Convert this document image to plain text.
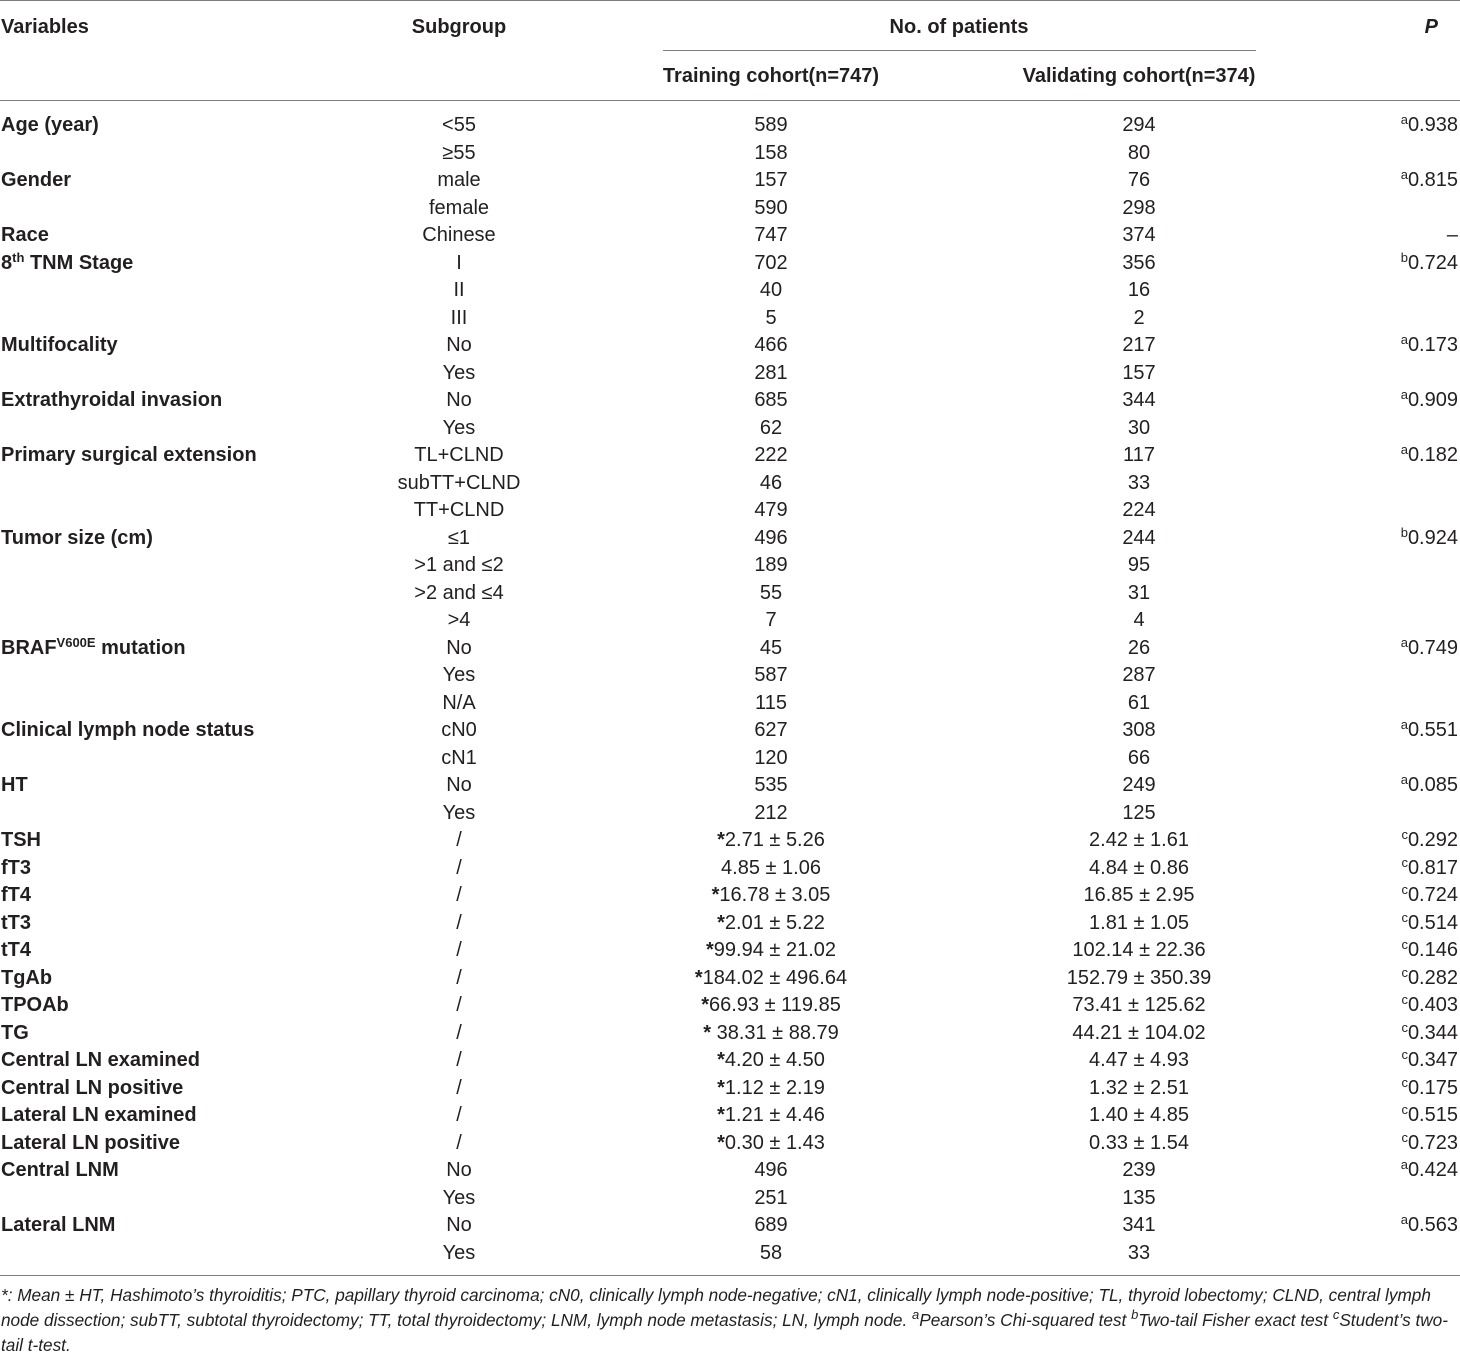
Variables	Subgroup	No. of patients
Training cohort(n=747)	Validating cohort(n=374)
P
Age (year)	<55	589	294	$^a$0.938
≥55	158	80
Gender	male	157	76	$^a$0.815
female	590	298
Race	Chinese	747	374	–
8th TNM Stage	I	702	356	$^b$0.724
II	40	16
III	5	2
Multifocality	No	466	217	$^a$0.173
Yes	281	157
Extrathyroidal invasion	No	685	344	$^a$0.909
Yes	62	30
Primary surgical extension	TL+CLND	222	117	$^a$0.182
subTT+CLND	46	33
TT+CLND	479	224
Tumor size (cm)	≤1	496	244	$^b$0.924
>1 and ≤2	189	95
>2 and ≤4	55	31
>4	7	4
$BRAF^{V600E}$ mutation	No	45	26	$^a$0.749
Yes	587	287
N/A	115	61
Clinical lymph node status	cN0	627	308	$^a$0.551
cN1	120	66
HT	No	535	249	$^a$0.085
Yes	212	125
TSH	/	*2.71 ± 5.26	2.42 ± 1.61	$^c$0.292
fT3	/	4.85 ± 1.06	4.84 ± 0.86	$^c$0.817
fT4	/	*16.78 ± 3.05	16.85 ± 2.95	$^c$0.724
tT3	/	*2.01 ± 5.22	1.81 ± 1.05	$^c$0.514
tT4	/	*99.94 ± 21.02	102.14 ± 22.36	$^c$0.146
TgAb	/	*184.02 ± 496.64	152.79 ± 350.39	$^c$0.282
TPOAb	/	*66.93 ± 119.85	73.41 ± 125.62	$^c$0.403
TG	/	* 38.31 ± 88.79	44.21 ± 104.02	$^c$0.344
Central LN examined	/	*4.20 ± 4.50	4.47 ± 4.93	$^c$0.347
Central LN positive	/	*1.12 ± 2.19	1.32 ± 2.51	$^c$0.175
Lateral LN examined	/	*1.21 ± 4.46	1.40 ± 4.85	$^c$0.515
Lateral LN positive	/	*0.30 ± 1.43	0.33 ± 1.54	$^c$0.723
Central LNM	No	496	239	$^a$0.424
Yes	251	135
Lateral LNM	No	689	341	$^a$0.563
Yes	58	33
*: Mean ± HT, Hashimoto’s thyroiditis; PTC, papillary thyroid carcinoma; cN0, clinically lymph node-negative; cN1, clinically lymph node-positive; TL, thyroid lobectomy; CLND, central lymph node dissection; subTT, subtotal thyroidectomy; TT, total thyroidectomy; LNM, lymph node metastasis; LN, lymph node. $^a$Pearson’s Chi-squared test $^b$Two-tail Fisher exact test $^c$Student’s two-tail t-test.
